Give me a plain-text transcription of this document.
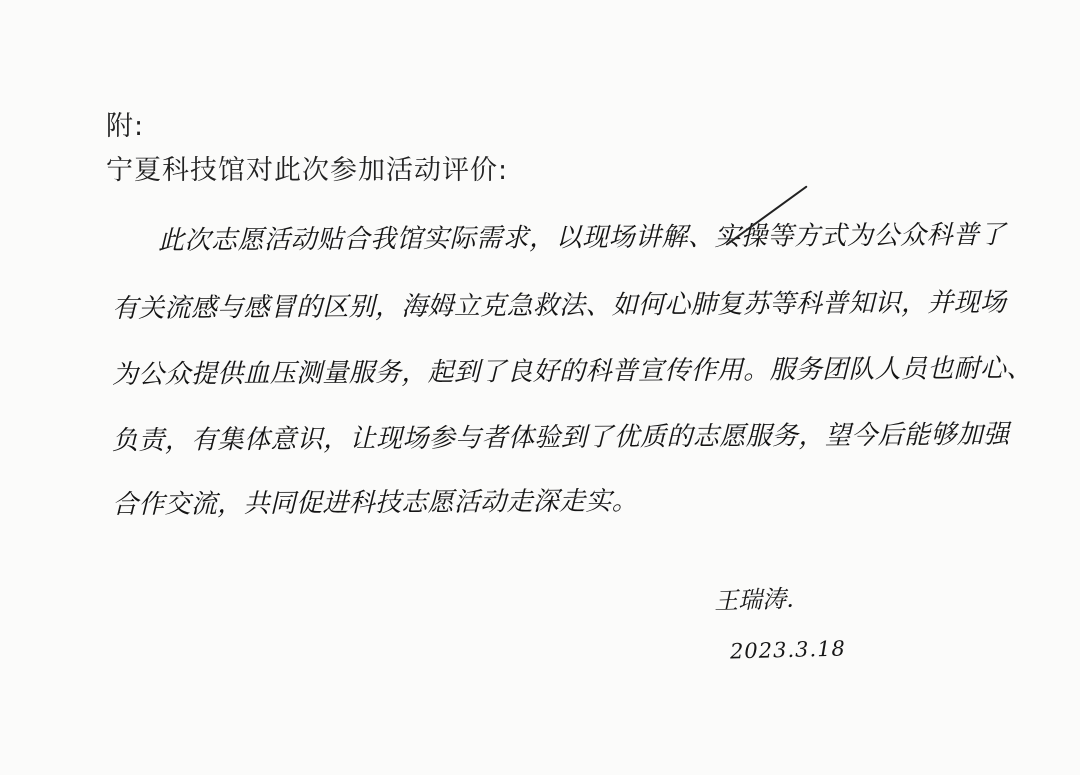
附:
宁夏科技馆对此次参加活动评价:
此次志愿活动贴合我馆实际需求，以现场讲解、实操等方式为公众科普了
有关流感与感冒的区别，海姆立克急救法、如何心肺复苏等科普知识，并现场
为公众提供血压测量服务，起到了良好的科普宣传作用。服务团队人员也耐心、
负责，有集体意识，让现场参与者体验到了优质的志愿服务，望今后能够加强
合作交流，共同促进科技志愿活动走深走实。
王瑞涛.
2023.3.18
